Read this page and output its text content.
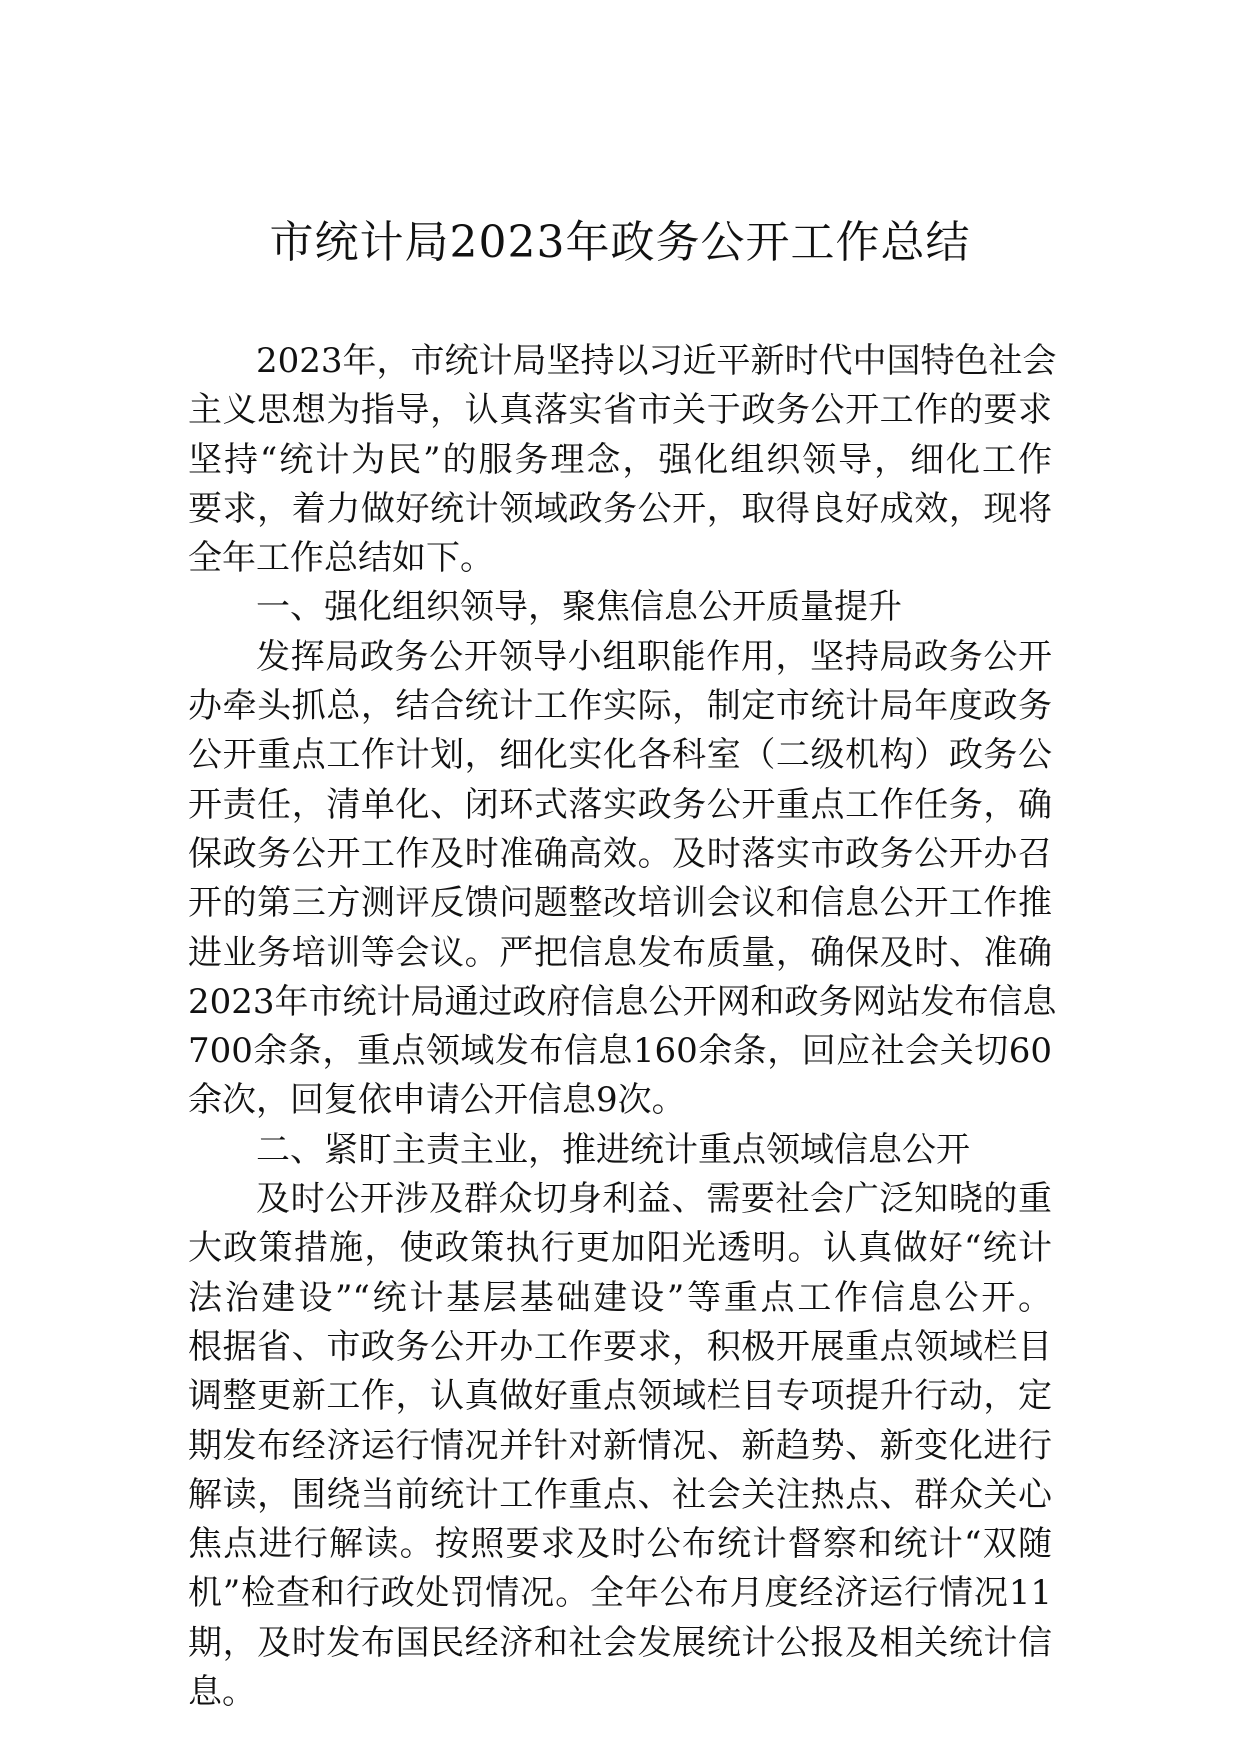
市统计局2023年政务公开工作总结
2023年，市统计局坚持以习近平新时代中国特色社会
主义思想为指导，认真落实省市关于政务公开工作的要求
坚持“统计为民”的服务理念，强化组织领导，细化工作
要求，着力做好统计领域政务公开，取得良好成效，现将
全年工作总结如下。
一、强化组织领导，聚焦信息公开质量提升
发挥局政务公开领导小组职能作用，坚持局政务公开
办牵头抓总，结合统计工作实际，制定市统计局年度政务
公开重点工作计划，细化实化各科室（二级机构）政务公
开责任，清单化、闭环式落实政务公开重点工作任务，确
保政务公开工作及时准确高效。及时落实市政务公开办召
开的第三方测评反馈问题整改培训会议和信息公开工作推
进业务培训等会议。严把信息发布质量，确保及时、准确
2023年市统计局通过政府信息公开网和政务网站发布信息
700余条，重点领域发布信息160余条，回应社会关切60
余次，回复依申请公开信息9次。
二、紧盯主责主业，推进统计重点领域信息公开
及时公开涉及群众切身利益、需要社会广泛知晓的重
大政策措施，使政策执行更加阳光透明。认真做好“统计
法治建设”“统计基层基础建设”等重点工作信息公开。
根据省、市政务公开办工作要求，积极开展重点领域栏目
调整更新工作，认真做好重点领域栏目专项提升行动，定
期发布经济运行情况并针对新情况、新趋势、新变化进行
解读，围绕当前统计工作重点、社会关注热点、群众关心
焦点进行解读。按照要求及时公布统计督察和统计“双随
机”检查和行政处罚情况。全年公布月度经济运行情况11
期，及时发布国民经济和社会发展统计公报及相关统计信
息。
